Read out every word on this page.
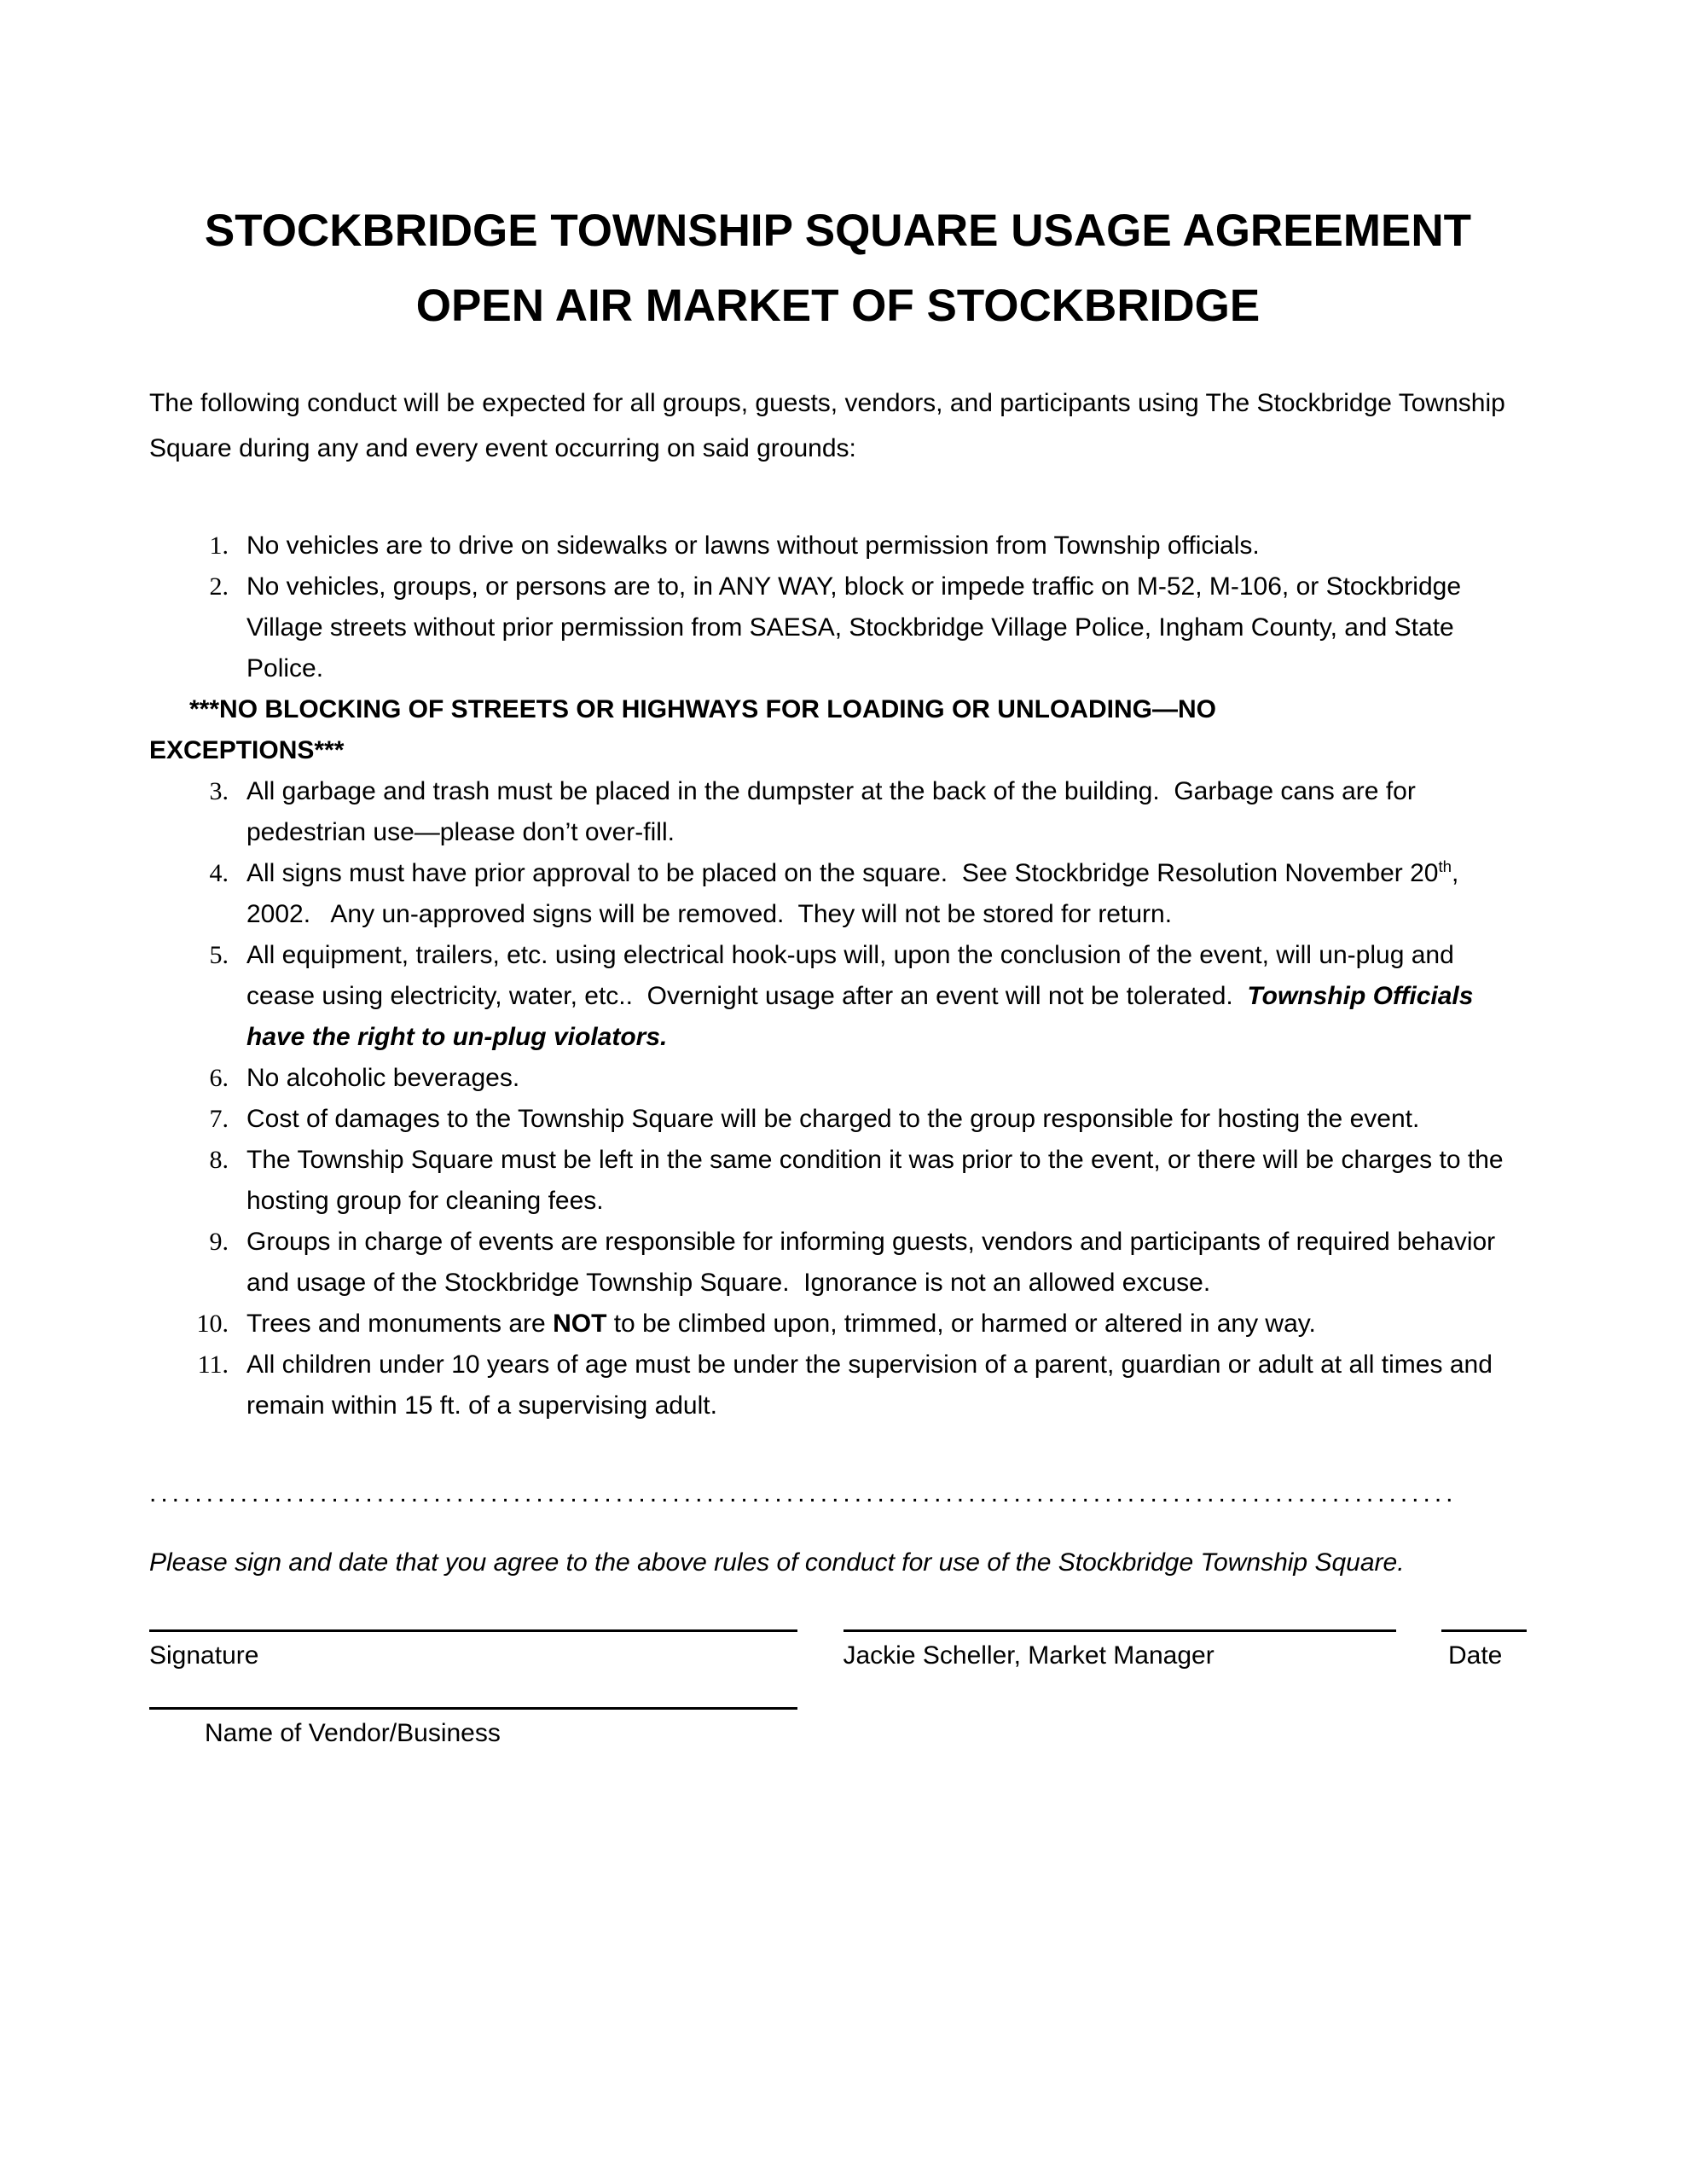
STOCKBRIDGE TOWNSHIP SQUARE USAGE AGREEMENT
OPEN AIR MARKET OF STOCKBRIDGE
The following conduct will be expected for all groups, guests, vendors, and participants using The Stockbridge Township Square during any and every event occurring on said grounds:
1. No vehicles are to drive on sidewalks or lawns without permission from Township officials.
2. No vehicles, groups, or persons are to, in ANY WAY, block or impede traffic on M-52, M-106, or Stockbridge Village streets without prior permission from SAESA, Stockbridge Village Police, Ingham County, and State Police.
***NO BLOCKING OF STREETS OR HIGHWAYS FOR LOADING OR UNLOADING—NO
EXCEPTIONS***
3. All garbage and trash must be placed in the dumpster at the back of the building.  Garbage cans are for pedestrian use—please don’t over-fill.
4. All signs must have prior approval to be placed on the square.  See Stockbridge Resolution November 20th, 2002.   Any un-approved signs will be removed.  They will not be stored for return.
5. All equipment, trailers, etc. using electrical hook-ups will, upon the conclusion of the event, will un-plug and cease using electricity, water, etc..  Overnight usage after an event will not be tolerated.  Township Officials have the right to un-plug violators.
6. No alcoholic beverages.
7. Cost of damages to the Township Square will be charged to the group responsible for hosting the event.
8. The Township Square must be left in the same condition it was prior to the event, or there will be charges to the hosting group for cleaning fees.
9. Groups in charge of events are responsible for informing guests, vendors and participants of required behavior and usage of the Stockbridge Township Square.  Ignorance is not an allowed excuse.
10. Trees and monuments are NOT to be climbed upon, trimmed, or harmed or altered in any way.
11. All children under 10 years of age must be under the supervision of a parent, guardian or adult at all times and remain within 15 ft. of a supervising adult.
...................................................................................................................
Please sign and date that you agree to the above rules of conduct for use of the Stockbridge Township Square.
Signature	Jackie Scheller, Market Manager	Date
Name of Vendor/Business
